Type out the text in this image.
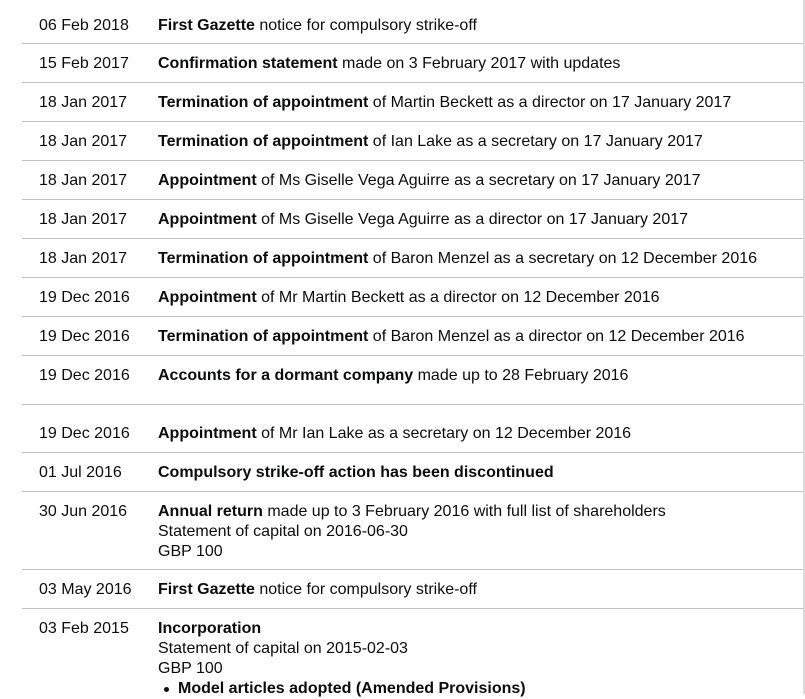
06 Feb 2018	First Gazette notice for compulsory strike-off
15 Feb 2017	Confirmation statement made on 3 February 2017 with updates
18 Jan 2017	Termination of appointment of Martin Beckett as a director on 17 January 2017
18 Jan 2017	Termination of appointment of Ian Lake as a secretary on 17 January 2017
18 Jan 2017	Appointment of Ms Giselle Vega Aguirre as a secretary on 17 January 2017
18 Jan 2017	Appointment of Ms Giselle Vega Aguirre as a director on 17 January 2017
18 Jan 2017	Termination of appointment of Baron Menzel as a secretary on 12 December 2016
19 Dec 2016	Appointment of Mr Martin Beckett as a director on 12 December 2016
19 Dec 2016	Termination of appointment of Baron Menzel as a director on 12 December 2016
19 Dec 2016	Accounts for a dormant company made up to 28 February 2016
19 Dec 2016	Appointment of Mr Ian Lake as a secretary on 12 December 2016
01 Jul 2016	Compulsory strike-off action has been discontinued
30 Jun 2016	Annual return made up to 3 February 2016 with full list of shareholders
Statement of capital on 2016-06-30
GBP 100
03 May 2016	First Gazette notice for compulsory strike-off
03 Feb 2015	Incorporation
Statement of capital on 2015-02-03
GBP 100
Model articles adopted (Amended Provisions)
